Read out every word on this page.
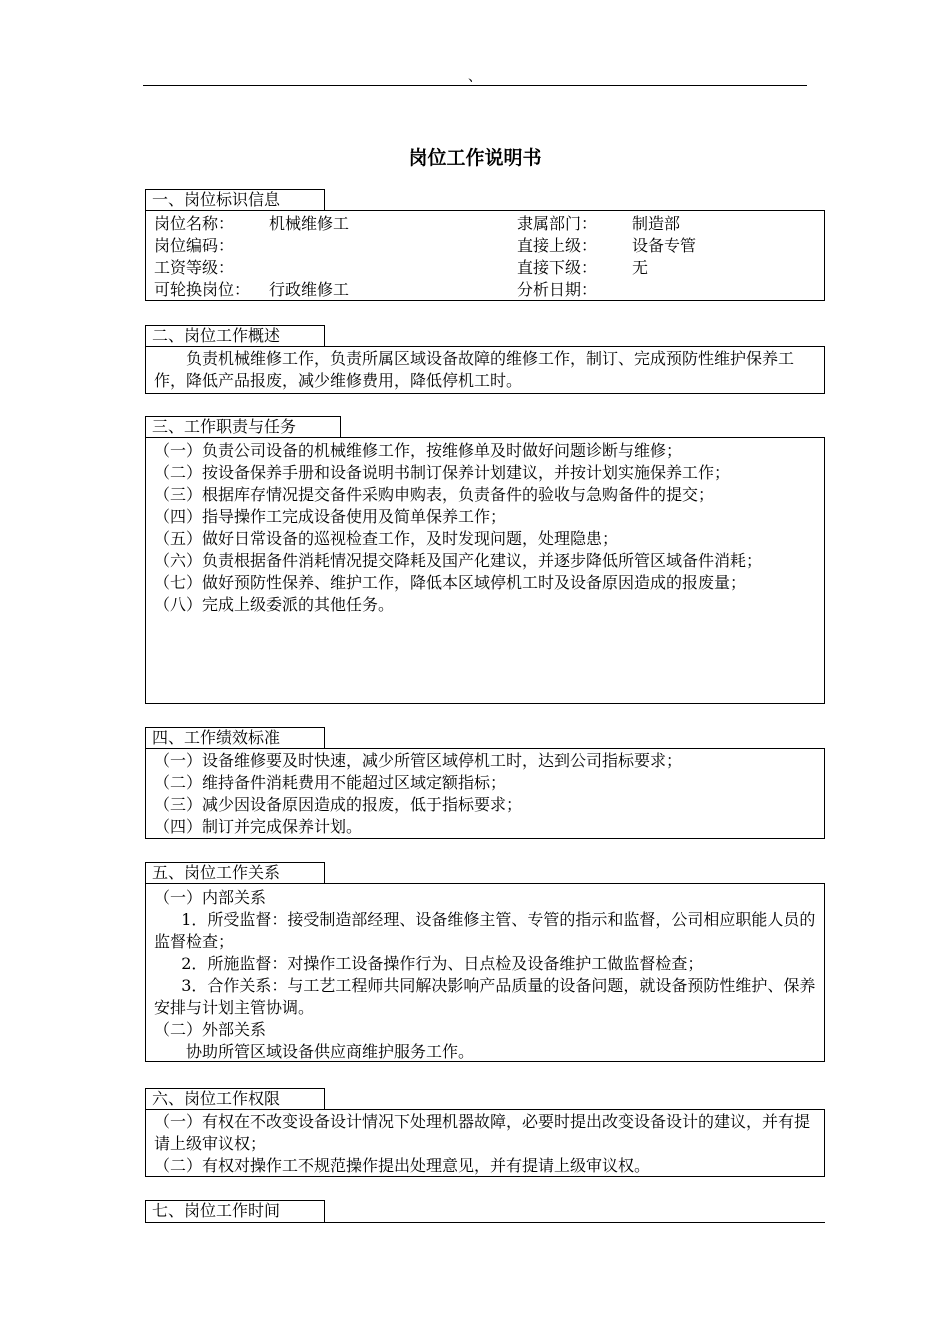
、
岗位工作说明书
一、岗位标识信息
岗位名称： 机械维修工	隶属部门： 制造部
岗位编码：	直接上级： 设备专管
工资等级：	直接下级： 无
可轮换岗位： 行政维修工	分析日期：
二、岗位工作概述

负责机械维修工作，负责所属区域设备故障的维修工作，制订、完成预防性维护保养工作，降低产品报废，减少维修费用，降低停机工时。

三、工作职责与任务

（一）负责公司设备的机械维修工作，按维修单及时做好问题诊断与维修；

（二）按设备保养手册和设备说明书制订保养计划建议，并按计划实施保养工作；

（三）根据库存情况提交备件采购申购表，负责备件的验收与急购备件的提交；

（四）指导操作工完成设备使用及简单保养工作；

（五）做好日常设备的巡视检查工作，及时发现问题，处理隐患；

（六）负责根据备件消耗情况提交降耗及国产化建议，并逐步降低所管区域备件消耗；

（七）做好预防性保养、维护工作，降低本区域停机工时及设备原因造成的报废量；

（八）完成上级委派的其他任务。

四、工作绩效标准

（一）设备维修要及时快速，减少所管区域停机工时，达到公司指标要求；

（二）维持备件消耗费用不能超过区域定额指标；

（三）减少因设备原因造成的报废，低于指标要求；

（四）制订并完成保养计划。

五、岗位工作关系

（一）内部关系

1．所受监督：接受制造部经理、设备维修主管、专管的指示和监督，公司相应职能人员的监督检查；

2．所施监督：对操作工设备操作行为、日点检及设备维护工做监督检查；

3．合作关系：与工艺工程师共同解决影响产品质量的设备问题，就设备预防性维护、保养安排与计划主管协调。

（二）外部关系

协助所管区域设备供应商维护服务工作。

六、岗位工作权限

（一）有权在不改变设备设计情况下处理机器故障，必要时提出改变设备设计的建议，并有提请上级审议权；

（二）有权对操作工不规范操作提出处理意见，并有提请上级审议权。

七、岗位工作时间
